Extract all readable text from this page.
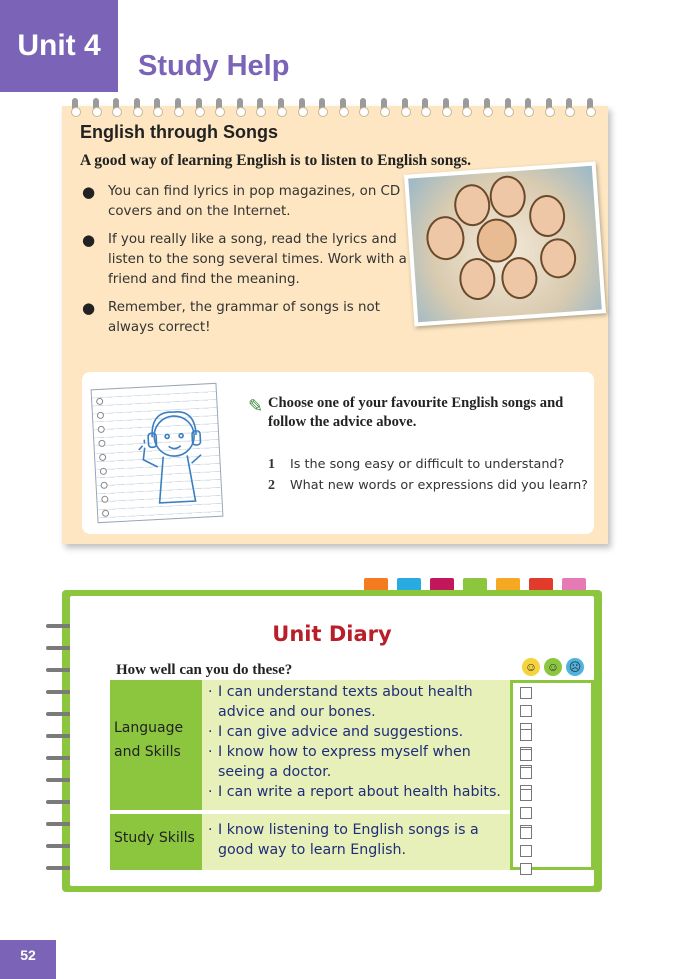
Unit 4
Study Help
English through Songs
A good way of learning English is to listen to English songs.
● You can find lyrics in pop magazines, on CD covers and on the Internet.
● If you really like a song, read the lyrics and listen to the song several times. Work with a friend and find the meaning.
● Remember, the grammar of songs is not always correct!
✎ Choose one of your favourite English songs and follow the advice above.
1 Is the song easy or difficult to understand?
2 What new words or expressions did you learn?
Unit Diary
How well can you do these?	☺ ☺ ☹
Language
and Skills
Study Skills
· I can understand texts about health
advice and our bones.
· I can give advice and suggestions.
· I know how to express myself when
seeing a doctor.
· I can write a report about health habits.
· I know listening to English songs is a
good way to learn English.
52
